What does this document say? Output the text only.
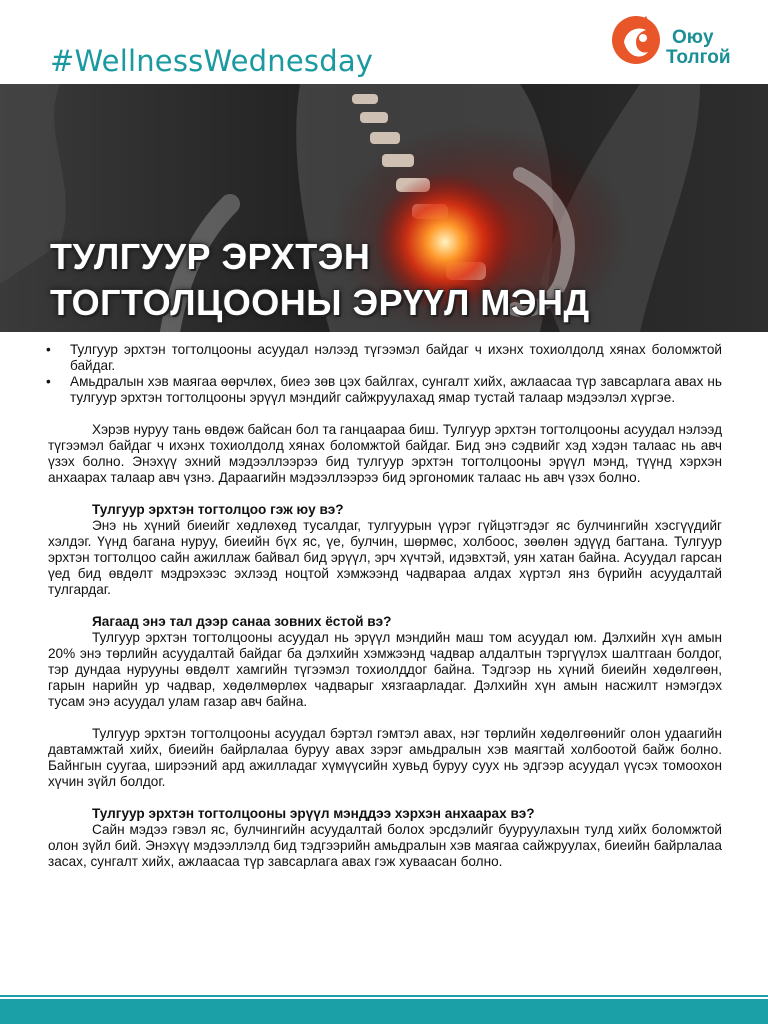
#WellnessWednesday
Оюу
Толгой
ТУЛГУУР ЭРХТЭН
ТОГТОЛЦООНЫ ЭРҮҮЛ МЭНД
• Тулгуур эрхтэн тогтолцооны асуудал нэлээд түгээмэл байдаг ч ихэнх тохиолдолд хянах боломжтой байдаг.
• Амьдралын хэв маягаа өөрчлөх, биеэ зөв цэх байлгах, сунгалт хийх, ажлаасаа түр завсарлага авах нь тулгуур эрхтэн тогтолцооны эрүүл мэндийг сайжруулахад ямар тустай талаар мэдээлэл хүргэе.

Хэрэв нуруу тань өвдөж байсан бол та ганцаараа биш. Тулгуур эрхтэн тогтолцооны асуудал нэлээд түгээмэл байдаг ч ихэнх тохиолдолд хянах боломжтой байдаг. Бид энэ сэдвийг хэд хэдэн талаас нь авч үзэх болно. Энэхүү эхний мэдээллээрээ бид тулгуур эрхтэн тогтолцооны эрүүл мэнд, түүнд хэрхэн анхаарах талаар авч үзнэ. Дараагийн мэдээллээрээ бид эргономик талаас нь авч үзэх болно.

Тулгуур эрхтэн тогтолцоо гэж юу вэ?

Энэ нь хүний биеийг хөдлөхөд тусалдаг, тулгуурын үүрэг гүйцэтгэдэг яс булчингийн хэсгүүдийг хэлдэг. Үүнд багана нуруу, биеийн бүх яс, үе, булчин, шөрмөс, холбоос, зөөлөн эдүүд багтана. Тулгуур эрхтэн тогтолцоо сайн ажиллаж байвал бид эрүүл, эрч хүчтэй, идэвхтэй, уян хатан байна. Асуудал гарсан үед бид өвдөлт мэдрэхээс эхлээд ноцтой хэмжээнд чадвараа алдах хүртэл янз бүрийн асуудалтай тулгардаг.

Яагаад энэ тал дээр санаа зовних ёстой вэ?

Тулгуур эрхтэн тогтолцооны асуудал нь эрүүл мэндийн маш том асуудал юм. Дэлхийн хүн амын 20% энэ төрлийн асуудалтай байдаг ба дэлхийн хэмжээнд чадвар алдалтын тэргүүлэх шалтгаан болдог, тэр дундаа нурууны өвдөлт хамгийн түгээмэл тохиолддог байна. Тэдгээр нь хүний биеийн хөдөлгөөн, гарын нарийн ур чадвар, хөдөлмөрлөх чадварыг хязгаарладаг. Дэлхийн хүн амын насжилт нэмэгдэх тусам энэ асуудал улам газар авч байна.

Тулгуур эрхтэн тогтолцооны асуудал бэртэл гэмтэл авах, нэг төрлийн хөдөлгөөнийг олон удаагийн давтамжтай хийх, биеийн байрлалаа буруу авах зэрэг амьдралын хэв маягтай холбоотой байж болно. Байнгын суугаа, ширээний ард ажилладаг хүмүүсийн хувьд буруу суух нь эдгээр асуудал үүсэх томоохон хүчин зүйл болдог.

Тулгуур эрхтэн тогтолцооны эрүүл мэнддээ хэрхэн анхаарах вэ?

Сайн мэдээ гэвэл яс, булчингийн асуудалтай болох эрсдэлийг бууруулахын тулд хийх боломжтой олон зүйл бий. Энэхүү мэдээллэлд бид тэдгээрийн амьдралын хэв маягаа сайжруулах, биеийн байрлалаа засах, сунгалт хийх, ажлаасаа түр завсарлага авах гэж хуваасан болно.
